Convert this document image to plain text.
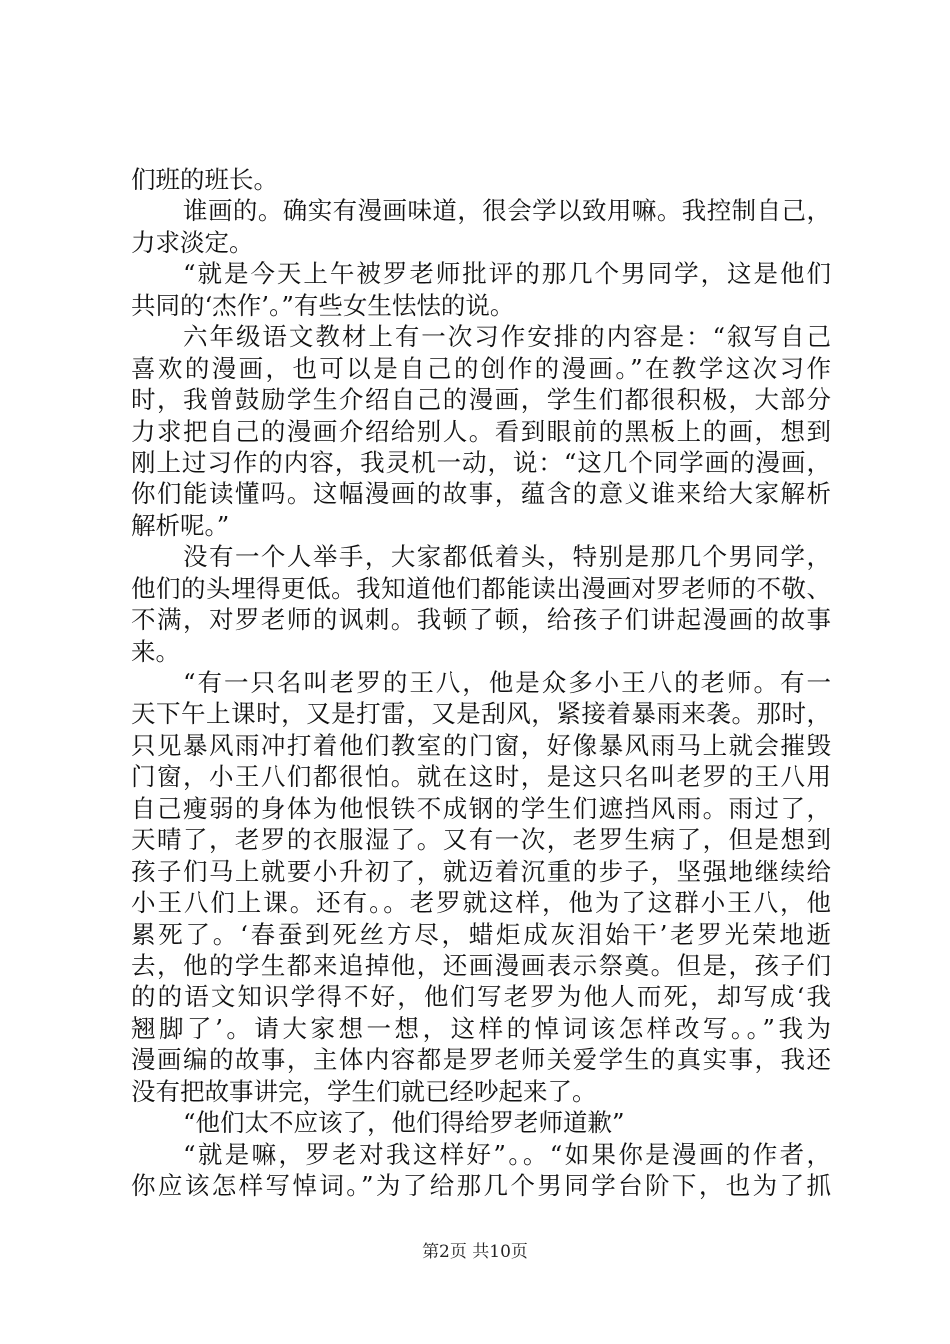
们班的班长。
谁画的。确实有漫画味道，很会学以致用嘛。我控制自己，
力求淡定。
“就是今天上午被罗老师批评的那几个男同学，这是他们
共同的‘杰作’。”有些女生怯怯的说。
六年级语文教材上有一次习作安排的内容是：“叙写自己
喜欢的漫画，也可以是自己的创作的漫画。”在教学这次习作
时，我曾鼓励学生介绍自己的漫画，学生们都很积极，大部分
力求把自己的漫画介绍给别人。看到眼前的黑板上的画，想到
刚上过习作的内容，我灵机一动，说：“这几个同学画的漫画，
你们能读懂吗。这幅漫画的故事，蕴含的意义谁来给大家解析
解析呢。”
没有一个人举手，大家都低着头，特别是那几个男同学，
他们的头埋得更低。我知道他们都能读出漫画对罗老师的不敬、
不满，对罗老师的讽刺。我顿了顿，给孩子们讲起漫画的故事
来。
“有一只名叫老罗的王八，他是众多小王八的老师。有一
天下午上课时，又是打雷，又是刮风，紧接着暴雨来袭。那时，
只见暴风雨冲打着他们教室的门窗，好像暴风雨马上就会摧毁
门窗，小王八们都很怕。就在这时，是这只名叫老罗的王八用
自己瘦弱的身体为他恨铁不成钢的学生们遮挡风雨。雨过了，
天晴了，老罗的衣服湿了。又有一次，老罗生病了，但是想到
孩子们马上就要小升初了，就迈着沉重的步子，坚强地继续给
小王八们上课。还有。。老罗就这样，他为了这群小王八，他
累死了。‘春蚕到死丝方尽，蜡炬成灰泪始干’老罗光荣地逝
去，他的学生都来追掉他，还画漫画表示祭奠。但是，孩子们
的的语文知识学得不好，他们写老罗为他人而死，却写成‘我
翘脚了’。请大家想一想，这样的悼词该怎样改写。。”我为
漫画编的故事，主体内容都是罗老师关爱学生的真实事，我还
没有把故事讲完，学生们就已经吵起来了。
“他们太不应该了，他们得给罗老师道歉”
“就是嘛，罗老对我这样好”。。“如果你是漫画的作者，
你应该怎样写悼词。”为了给那几个男同学台阶下，也为了抓
第2页 共10页
